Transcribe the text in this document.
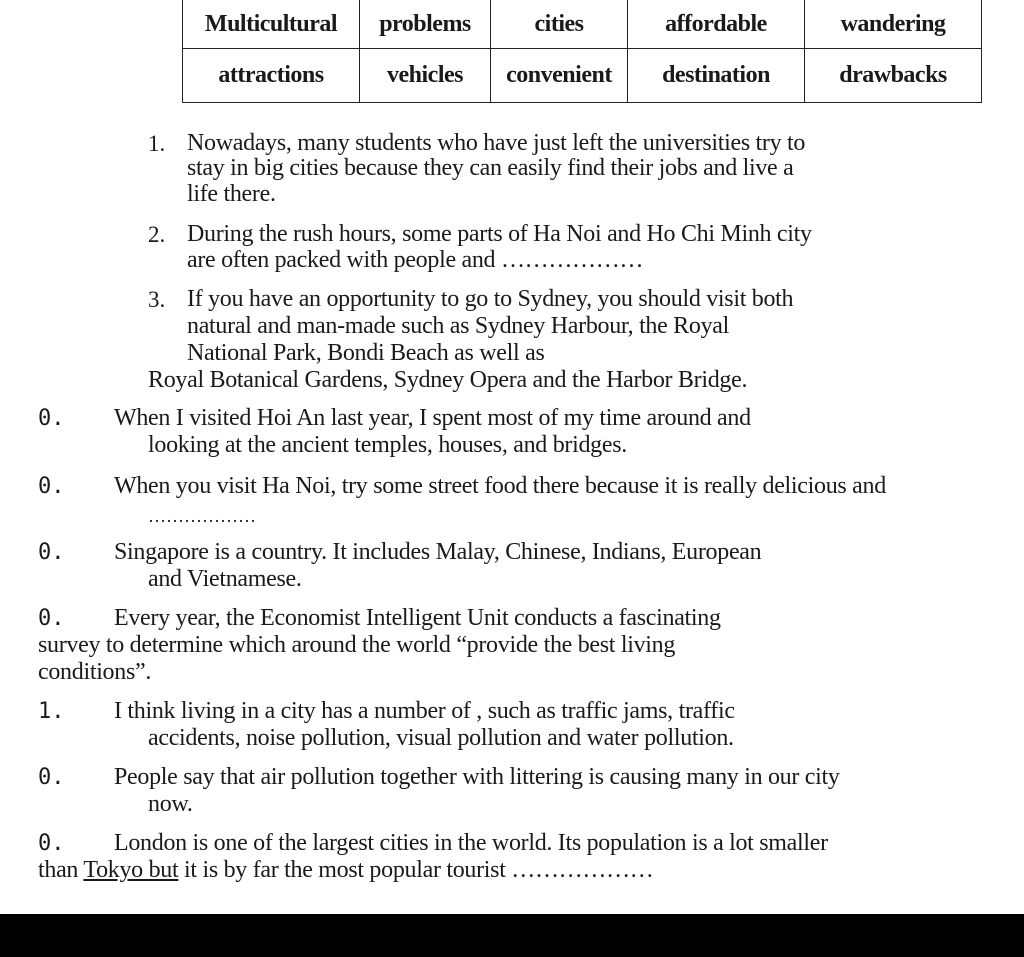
Multicultural	problems	cities	affordable	wandering
attractions	vehicles	convenient	destination	drawbacks
1. Nowadays, many students who have just left the universities try to
stay in big cities because they can easily find their jobs and live a
life there.
2. During the rush hours, some parts of Ha Noi and Ho Chi Minh city
are often packed with people and ………………
3. If you have an opportunity to go to Sydney, you should visit both
natural and man-made such as Sydney Harbour, the Royal
National Park, Bondi Beach as well as
Royal Botanical Gardens, Sydney Opera and the Harbor Bridge.
0. When I visited Hoi An last year, I spent most of my time around and
looking at the ancient temples, houses, and bridges.
0. When you visit Ha Noi, try some street food there because it is really delicious and
………………
0. Singapore is a country. It includes Malay, Chinese, Indians, European
and Vietnamese.
0. Every year, the Economist Intelligent Unit conducts a fascinating
survey to determine which around the world “provide the best living
conditions”.
1. I think living in a city has a number of , such as traffic jams, traffic
accidents, noise pollution, visual pollution and water pollution.
0. People say that air pollution together with littering is causing many in our city
now.
0. London is one of the largest cities in the world. Its population is a lot smaller
than Tokyo but it is by far the most popular tourist ………………
